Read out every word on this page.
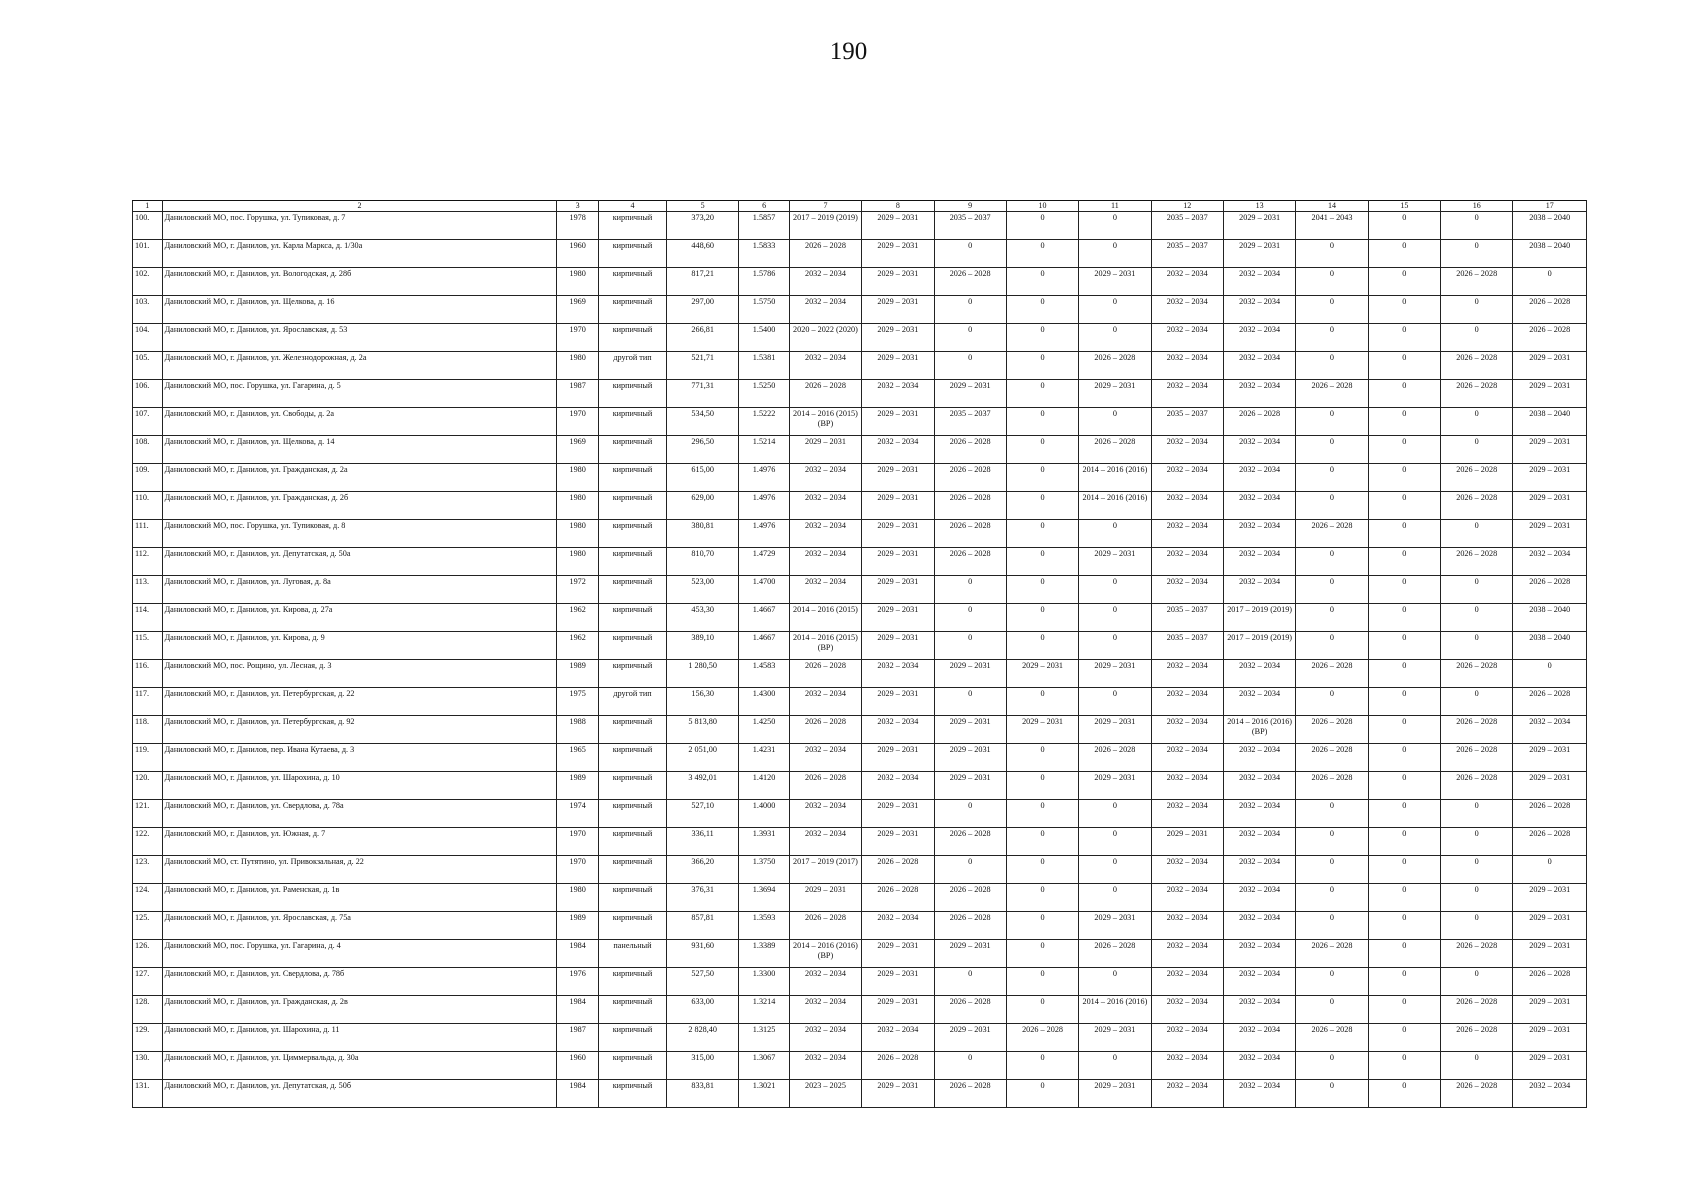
190
1	2	3	4	5	6	7	8	9	10	11	12	13	14	15	16	17
100.	Даниловский МО, пос. Горушка, ул. Тупиковая, д. 7	1978	кирпичный	373,20	1.5857	2017 – 2019 (2019)	2029 – 2031	2035 – 2037	0	0	2035 – 2037	2029 – 2031	2041 – 2043	0	0	2038 – 2040
101.	Даниловский МО, г. Данилов, ул. Карла Маркса, д. 1/30а	1960	кирпичный	448,60	1.5833	2026 – 2028	2029 – 2031	0	0	0	2035 – 2037	2029 – 2031	0	0	0	2038 – 2040
102.	Даниловский МО, г. Данилов, ул. Вологодская, д. 28б	1980	кирпичный	817,21	1.5786	2032 – 2034	2029 – 2031	2026 – 2028	0	2029 – 2031	2032 – 2034	2032 – 2034	0	0	2026 – 2028	0
103.	Даниловский МО, г. Данилов, ул. Щелкова, д. 16	1969	кирпичный	297,00	1.5750	2032 – 2034	2029 – 2031	0	0	0	2032 – 2034	2032 – 2034	0	0	0	2026 – 2028
104.	Даниловский МО, г. Данилов, ул. Ярославская, д. 53	1970	кирпичный	266,81	1.5400	2020 – 2022 (2020)	2029 – 2031	0	0	0	2032 – 2034	2032 – 2034	0	0	0	2026 – 2028
105.	Даниловский МО, г. Данилов, ул. Железнодорожная, д. 2а	1980	другой тип	521,71	1.5381	2032 – 2034	2029 – 2031	0	0	2026 – 2028	2032 – 2034	2032 – 2034	0	0	2026 – 2028	2029 – 2031
106.	Даниловский МО, пос. Горушка, ул. Гагарина, д. 5	1987	кирпичный	771,31	1.5250	2026 – 2028	2032 – 2034	2029 – 2031	0	2029 – 2031	2032 – 2034	2032 – 2034	2026 – 2028	0	2026 – 2028	2029 – 2031
107.	Даниловский МО, г. Данилов, ул. Свободы, д. 2а	1970	кирпичный	534,50	1.5222	2014 – 2016 (2015) (ВР)	2029 – 2031	2035 – 2037	0	0	2035 – 2037	2026 – 2028	0	0	0	2038 – 2040
108.	Даниловский МО, г. Данилов, ул. Щелкова, д. 14	1969	кирпичный	296,50	1.5214	2029 – 2031	2032 – 2034	2026 – 2028	0	2026 – 2028	2032 – 2034	2032 – 2034	0	0	0	2029 – 2031
109.	Даниловский МО, г. Данилов, ул. Гражданская, д. 2а	1980	кирпичный	615,00	1.4976	2032 – 2034	2029 – 2031	2026 – 2028	0	2014 – 2016 (2016)	2032 – 2034	2032 – 2034	0	0	2026 – 2028	2029 – 2031
110.	Даниловский МО, г. Данилов, ул. Гражданская, д. 2б	1980	кирпичный	629,00	1.4976	2032 – 2034	2029 – 2031	2026 – 2028	0	2014 – 2016 (2016)	2032 – 2034	2032 – 2034	0	0	2026 – 2028	2029 – 2031
111.	Даниловский МО, пос. Горушка, ул. Тупиковая, д. 8	1980	кирпичный	380,81	1.4976	2032 – 2034	2029 – 2031	2026 – 2028	0	0	2032 – 2034	2032 – 2034	2026 – 2028	0	0	2029 – 2031
112.	Даниловский МО, г. Данилов, ул. Депутатская, д. 50а	1980	кирпичный	810,70	1.4729	2032 – 2034	2029 – 2031	2026 – 2028	0	2029 – 2031	2032 – 2034	2032 – 2034	0	0	2026 – 2028	2032 – 2034
113.	Даниловский МО, г. Данилов, ул. Луговая, д. 8а	1972	кирпичный	523,00	1.4700	2032 – 2034	2029 – 2031	0	0	0	2032 – 2034	2032 – 2034	0	0	0	2026 – 2028
114.	Даниловский МО, г. Данилов, ул. Кирова, д. 27а	1962	кирпичный	453,30	1.4667	2014 – 2016 (2015)	2029 – 2031	0	0	0	2035 – 2037	2017 – 2019 (2019)	0	0	0	2038 – 2040
115.	Даниловский МО, г. Данилов, ул. Кирова, д. 9	1962	кирпичный	389,10	1.4667	2014 – 2016 (2015) (ВР)	2029 – 2031	0	0	0	2035 – 2037	2017 – 2019 (2019)	0	0	0	2038 – 2040
116.	Даниловский МО, пос. Рощино, ул. Лесная, д. 3	1989	кирпичный	1 280,50	1.4583	2026 – 2028	2032 – 2034	2029 – 2031	2029 – 2031	2029 – 2031	2032 – 2034	2032 – 2034	2026 – 2028	0	2026 – 2028	0
117.	Даниловский МО, г. Данилов, ул. Петербургская, д. 22	1975	другой тип	156,30	1.4300	2032 – 2034	2029 – 2031	0	0	0	2032 – 2034	2032 – 2034	0	0	0	2026 – 2028
118.	Даниловский МО, г. Данилов, ул. Петербургская, д. 92	1988	кирпичный	5 813,80	1.4250	2026 – 2028	2032 – 2034	2029 – 2031	2029 – 2031	2029 – 2031	2032 – 2034	2014 – 2016 (2016) (ВР)	2026 – 2028	0	2026 – 2028	2032 – 2034
119.	Даниловский МО, г. Данилов, пер. Ивана Кутаева, д. 3	1965	кирпичный	2 051,00	1.4231	2032 – 2034	2029 – 2031	2029 – 2031	0	2026 – 2028	2032 – 2034	2032 – 2034	2026 – 2028	0	2026 – 2028	2029 – 2031
120.	Даниловский МО, г. Данилов, ул. Шарохина, д. 10	1989	кирпичный	3 492,01	1.4120	2026 – 2028	2032 – 2034	2029 – 2031	0	2029 – 2031	2032 – 2034	2032 – 2034	2026 – 2028	0	2026 – 2028	2029 – 2031
121.	Даниловский МО, г. Данилов, ул. Свердлова, д. 78а	1974	кирпичный	527,10	1.4000	2032 – 2034	2029 – 2031	0	0	0	2032 – 2034	2032 – 2034	0	0	0	2026 – 2028
122.	Даниловский МО, г. Данилов, ул. Южная, д. 7	1970	кирпичный	336,11	1.3931	2032 – 2034	2029 – 2031	2026 – 2028	0	0	2029 – 2031	2032 – 2034	0	0	0	2026 – 2028
123.	Даниловский МО, ст. Путятино, ул. Привокзальная, д. 22	1970	кирпичный	366,20	1.3750	2017 – 2019 (2017)	2026 – 2028	0	0	0	2032 – 2034	2032 – 2034	0	0	0	0
124.	Даниловский МО, г. Данилов, ул. Раменская, д. 1в	1980	кирпичный	376,31	1.3694	2029 – 2031	2026 – 2028	2026 – 2028	0	0	2032 – 2034	2032 – 2034	0	0	0	2029 – 2031
125.	Даниловский МО, г. Данилов, ул. Ярославская, д. 75а	1989	кирпичный	857,81	1.3593	2026 – 2028	2032 – 2034	2026 – 2028	0	2029 – 2031	2032 – 2034	2032 – 2034	0	0	0	2029 – 2031
126.	Даниловский МО, пос. Горушка, ул. Гагарина, д. 4	1984	панельный	931,60	1.3389	2014 – 2016 (2016) (ВР)	2029 – 2031	2029 – 2031	0	2026 – 2028	2032 – 2034	2032 – 2034	2026 – 2028	0	2026 – 2028	2029 – 2031
127.	Даниловский МО, г. Данилов, ул. Свердлова, д. 78б	1976	кирпичный	527,50	1.3300	2032 – 2034	2029 – 2031	0	0	0	2032 – 2034	2032 – 2034	0	0	0	2026 – 2028
128.	Даниловский МО, г. Данилов, ул. Гражданская, д. 2в	1984	кирпичный	633,00	1.3214	2032 – 2034	2029 – 2031	2026 – 2028	0	2014 – 2016 (2016)	2032 – 2034	2032 – 2034	0	0	2026 – 2028	2029 – 2031
129.	Даниловский МО, г. Данилов, ул. Шарохина, д. 11	1987	кирпичный	2 828,40	1.3125	2032 – 2034	2032 – 2034	2029 – 2031	2026 – 2028	2029 – 2031	2032 – 2034	2032 – 2034	2026 – 2028	0	2026 – 2028	2029 – 2031
130.	Даниловский МО, г. Данилов, ул. Циммервальда, д. 30а	1960	кирпичный	315,00	1.3067	2032 – 2034	2026 – 2028	0	0	0	2032 – 2034	2032 – 2034	0	0	0	2029 – 2031
131.	Даниловский МО, г. Данилов, ул. Депутатская, д. 50б	1984	кирпичный	833,81	1.3021	2023 – 2025	2029 – 2031	2026 – 2028	0	2029 – 2031	2032 – 2034	2032 – 2034	0	0	2026 – 2028	2032 – 2034
